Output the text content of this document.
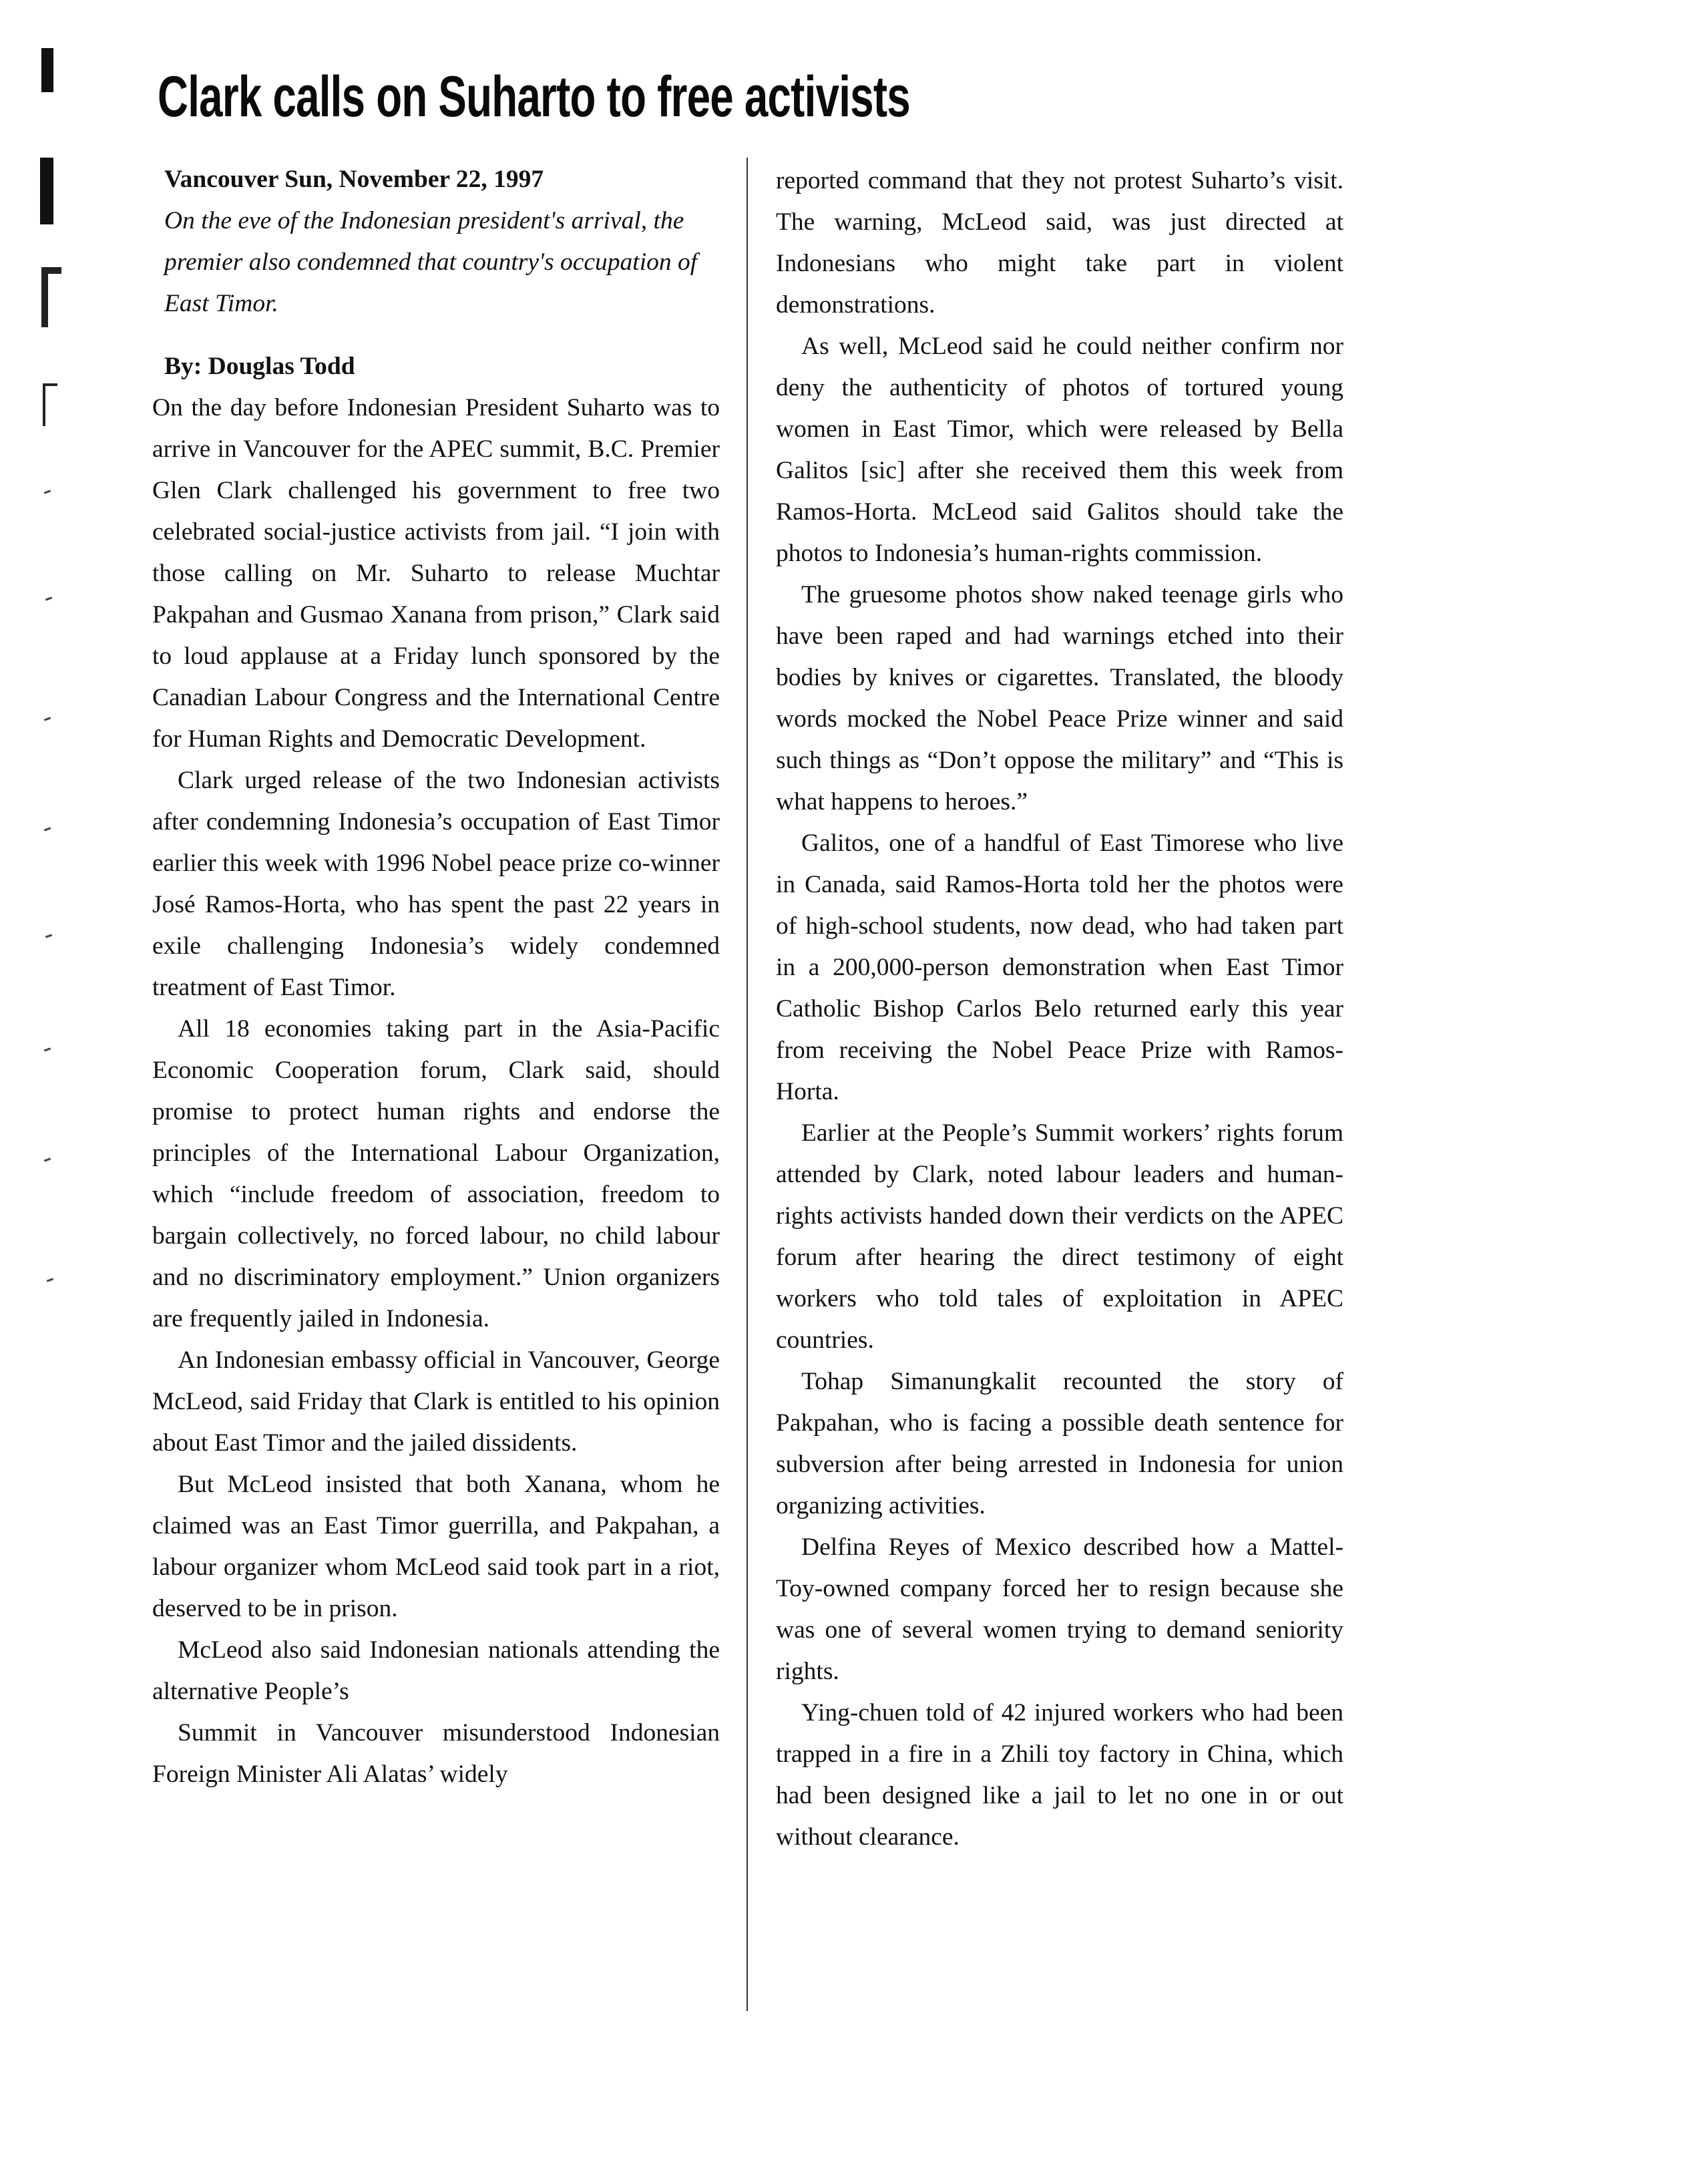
Clark calls on Suharto to free activists

Vancouver Sun, November 22, 1997

On the eve of the Indonesian president's arrival, the premier also condemned that country's occupation of East Timor.

By: Douglas Todd

On the day before Indonesian President Suharto was to arrive in Vancouver for the APEC summit, B.C. Premier Glen Clark challenged his government to free two celebrated social-justice activists from jail. “I join with those calling on Mr. Suharto to release Muchtar Pakpahan and Gusmao Xanana from prison,” Clark said to loud applause at a Friday lunch sponsored by the Canadian Labour Congress and the International Centre for Human Rights and Democratic Development.

Clark urged release of the two Indonesian activists after condemning Indonesia’s occupation of East Timor earlier this week with 1996 Nobel peace prize co-winner José Ramos-Horta, who has spent the past 22 years in exile challenging Indonesia’s widely condemned treatment of East Timor.

All 18 economies taking part in the Asia-Pacific Economic Cooperation forum, Clark said, should promise to protect human rights and endorse the principles of the International Labour Organization, which “include freedom of association, freedom to bargain collectively, no forced labour, no child labour and no discriminatory employment.” Union organizers are frequently jailed in Indonesia.

An Indonesian embassy official in Vancouver, George McLeod, said Friday that Clark is entitled to his opinion about East Timor and the jailed dissidents.

But McLeod insisted that both Xanana, whom he claimed was an East Timor guerrilla, and Pakpahan, a labour organizer whom McLeod said took part in a riot, deserved to be in prison.

McLeod also said Indonesian nationals attending the alternative People’s

Summit in Vancouver misunderstood Indonesian Foreign Minister Ali Alatas’ widely

reported command that they not protest Suharto’s visit. The warning, McLeod said, was just directed at Indonesians who might take part in violent demonstrations.

As well, McLeod said he could neither confirm nor deny the authenticity of photos of tortured young women in East Timor, which were released by Bella Galitos [sic] after she received them this week from Ramos-Horta. McLeod said Galitos should take the photos to Indonesia’s human-rights commission.

The gruesome photos show naked teenage girls who have been raped and had warnings etched into their bodies by knives or cigarettes. Translated, the bloody words mocked the Nobel Peace Prize winner and said such things as “Don’t oppose the military” and “This is what happens to heroes.”

Galitos, one of a handful of East Timorese who live in Canada, said Ramos-Horta told her the photos were of high-school students, now dead, who had taken part in a 200,000-person demonstration when East Timor Catholic Bishop Carlos Belo returned early this year from receiving the Nobel Peace Prize with Ramos-Horta.

Earlier at the People’s Summit workers’ rights forum attended by Clark, noted labour leaders and human-rights activists handed down their verdicts on the APEC forum after hearing the direct testimony of eight workers who told tales of exploitation in APEC countries.

Tohap Simanungkalit recounted the story of Pakpahan, who is facing a possible death sentence for subversion after being arrested in Indonesia for union organizing activities.

Delfina Reyes of Mexico described how a Mattel-Toy-owned company forced her to resign because she was one of several women trying to demand seniority rights.

Ying-chuen told of 42 injured workers who had been trapped in a fire in a Zhili toy factory in China, which had been designed like a jail to let no one in or out without clearance.
